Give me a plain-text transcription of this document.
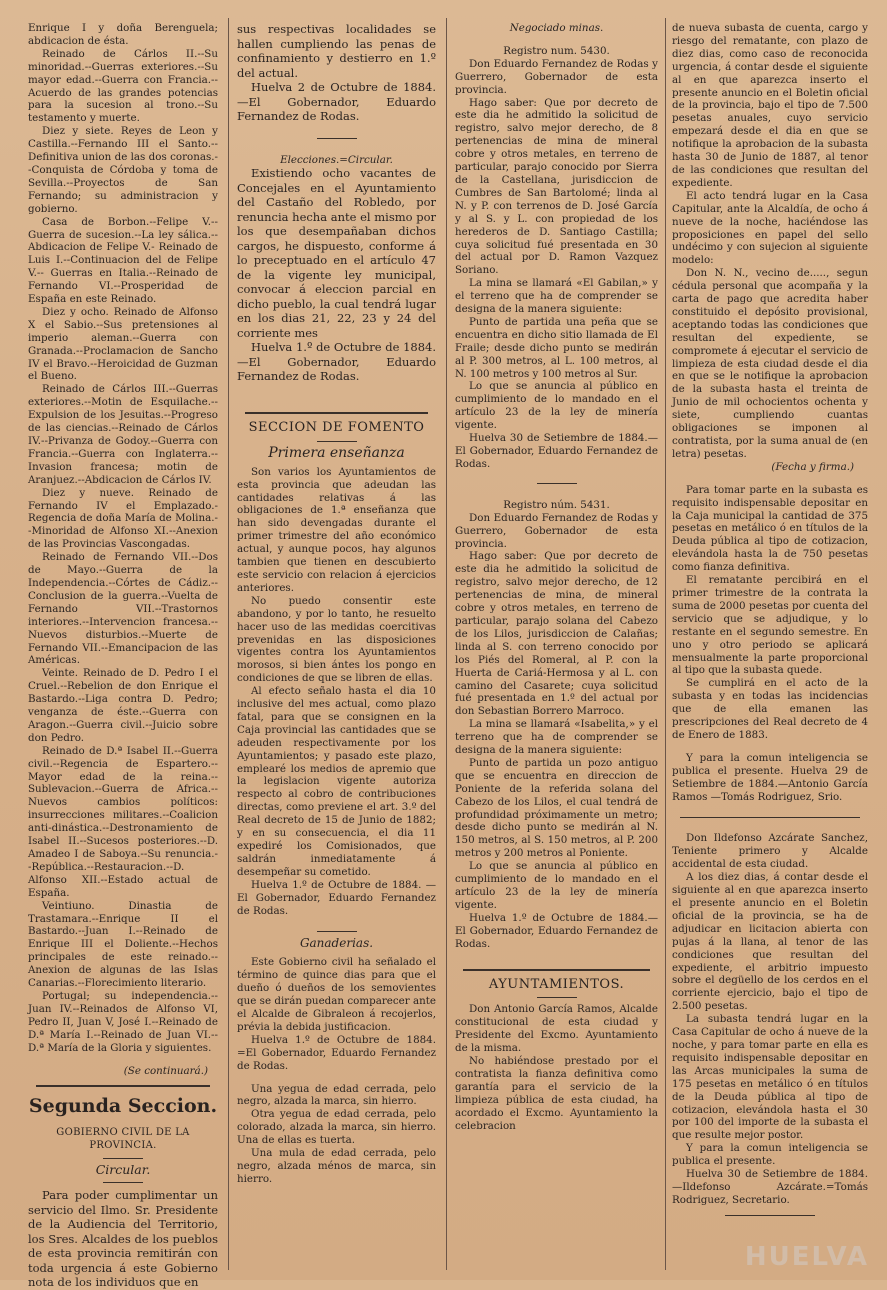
Enrique I y doña Berenguela; abdicacion de ésta.

Reinado de Cárlos II.--Su minoridad.--Guerras exteriores.--Su mayor edad.--Guerra con Francia.--Acuerdo de las grandes potencias para la sucesion al trono.--Su testamento y muerte.

Diez y siete. Reyes de Leon y Castilla.--Fernando III el Santo.--Definitiva union de las dos coronas.--Conquista de Córdoba y toma de Sevilla.--Proyectos de San Fernando; su administracion y gobierno.

Casa de Borbon.--Felipe V.--Guerra de sucesion.--La ley sálica.--Abdicacion de Felipe V.- Reinado de Luis I.--Continuacion del de Felipe V.-- Guerras en Italia.--Reinado de Fernando VI.--Prosperidad de España en este Reinado.

Diez y ocho. Reinado de Alfonso X el Sabio.--Sus pretensiones al imperio aleman.--Guerra con Granada.--Proclamacion de Sancho IV el Bravo.--Heroicidad de Guzman el Bueno.

Reinado de Cárlos III.--Guerras exteriores.--Motin de Esquilache.--Expulsion de los Jesuitas.--Progreso de las ciencias.--Reinado de Cárlos IV.--Privanza de Godoy.--Guerra con Francia.--Guerra con Inglaterra.--Invasion francesa; motin de Aranjuez.--Abdicacion de Cárlos IV.

Diez y nueve. Reinado de Fernando IV el Emplazado.-Regencia de doña María de Molina.--Minoridad de Alfonso XI.--Anexion de las Provincias Vascongadas.

Reinado de Fernando VII.--Dos de Mayo.--Guerra de la Independencia.--Córtes de Cádiz.--Conclusion de la guerra.--Vuelta de Fernando VII.--Trastornos interiores.--Intervencion francesa.--Nuevos disturbios.--Muerte de Fernando VII.--Emancipacion de las Américas.

Veinte. Reinado de D. Pedro I el Cruel.--Rebelion de don Enrique el Bastardo.--Liga contra D. Pedro; venganza de éste.--Guerra con Aragon.--Guerra civil.--Juicio sobre don Pedro.

Reinado de D.ª Isabel II.--Guerra civil.--Regencia de Espartero.--Mayor edad de la reina.--Sublevacion.--Guerra de Africa.--Nuevos cambios políticos: insurrecciones militares.--Coalicion anti-dinástica.--Destronamiento de Isabel II.--Sucesos posteriores.--D. Amadeo I de Saboya.--Su renuncia.--República.--Restauracion.--D. Alfonso XII.--Estado actual de España.

Veintiuno. Dinastia de Trastamara.--Enrique II el Bastardo.--Juan I.--Reinado de Enrique III el Doliente.--Hechos principales de este reinado.--Anexion de algunas de las Islas Canarias.--Florecimiento literario.

Portugal; su independencia.--Juan IV.--Reinados de Alfonso VI, Pedro II, Juan V, José I.--Reinado de D.ª María I.--Reinado de Juan VI.--D.ª María de la Gloria y siguientes.

(Se continuará.)

Segunda Seccion.
GOBIERNO CIVIL DE LA PROVINCIA.
Circular.

Para poder cumplimentar un servicio del Ilmo. Sr. Presidente de la Audiencia del Territorio, los Sres. Alcaldes de los pueblos de esta provincia remitirán con toda urgencia á este Gobierno nota de los individuos que en

sus respectivas localidades se hallen cumpliendo las penas de confinamiento y destierro en 1.º del actual.

Huelva 2 de Octubre de 1884. —El Gobernador, Eduardo Fernandez de Rodas.

Elecciones.=Circular.

Existiendo ocho vacantes de Concejales en el Ayuntamiento del Castaño del Robledo, por renuncia hecha ante el mismo por los que desempañaban dichos cargos, he dispuesto, conforme á lo preceptuado en el artículo 47 de la vigente ley municipal, convocar á eleccion parcial en dicho pueblo, la cual tendrá lugar en los dias 21, 22, 23 y 24 del corriente mes

Huelva 1.º de Octubre de 1884. —El Gobernador, Eduardo Fernandez de Rodas.

SECCION DE FOMENTO
Primera enseñanza

Son varios los Ayuntamientos de esta provincia que adeudan las cantidades relativas á las obligaciones de 1.ª enseñanza que han sido devengadas durante el primer trimestre del año económico actual, y aunque pocos, hay algunos tambien que tienen en descubierto este servicio con relacion á ejercicios anteriores.

No puedo consentir este abandono, y por lo tanto, he resuelto hacer uso de las medidas coercitivas prevenidas en las disposiciones vigentes contra los Ayuntamientos morosos, si bien ántes los pongo en condiciones de que se libren de ellas.

Al efecto señalo hasta el dia 10 inclusive del mes actual, como plazo fatal, para que se consignen en la Caja provincial las cantidades que se adeuden respectivamente por los Ayuntamientos; y pasado este plazo, emplearé los medios de apremio que la legislacion vigente autoriza respecto al cobro de contribuciones directas, como previene el art. 3.º del Real decreto de 15 de Junio de 1882; y en su consecuencia, el dia 11 expediré los Comisionados, que saldrán inmediatamente á desempeñar su cometido.

Huelva 1.º de Octubre de 1884. —El Gobernador, Eduardo Fernandez de Rodas.

Ganaderias.

Este Gobierno civil ha señalado el término de quince dias para que el dueño ó dueños de los semovientes que se dirán puedan comparecer ante el Alcalde de Gibraleon á recojerlos, prévia la debida justificacion.

Huelva 1.º de Octubre de 1884. =El Gobernador, Eduardo Fernandez de Rodas.

Una yegua de edad cerrada, pelo negro, alzada la marca, sin hierro.

Otra yegua de edad cerrada, pelo colorado, alzada la marca, sin hierro. Una de ellas es tuerta.

Una mula de edad cerrada, pelo negro, alzada ménos de marca, sin hierro.

Negociado minas.
Registro num. 5430.

Don Eduardo Fernandez de Rodas y Guerrero, Gobernador de esta provincia.

Hago saber: Que por decreto de este dia he admitido la solicitud de registro, salvo mejor derecho, de 8 pertenencias de mina de mineral cobre y otros metales, en terreno de particular, parajo conocido por Sierra de la Castellana, jurisdiccion de Cumbres de San Bartolomé; linda al N. y P. con terrenos de D. José García y al S. y L. con propiedad de los herederos de D. Santiago Castilla; cuya solicitud fué presentada en 30 del actual por D. Ramon Vazquez Soriano.

La mina se llamará «El Gabilan,» y el terreno que ha de comprender se designa de la manera siguiente:

Punto de partida una peña que se encuentra en dicho sitio llamada de El Fraile; desde dicho punto se medirán al P. 300 metros, al L. 100 metros, al N. 100 metros y 100 metros al Sur.

Lo que se anuncia al público en cumplimiento de lo mandado en el artículo 23 de la ley de minería vigente.

Huelva 30 de Setiembre de 1884.— El Gobernador, Eduardo Fernandez de Rodas.

Registro núm. 5431.

Don Eduardo Fernandez de Rodas y Guerrero, Gobernador de esta provincia.

Hago saber: Que por decreto de este dia he admitido la solicitud de registro, salvo mejor derecho, de 12 pertenencias de mina, de mineral cobre y otros metales, en terreno de particular, parajo solana del Cabezo de los Lilos, jurisdiccion de Calañas; linda al S. con terreno conocido por los Piés del Romeral, al P. con la Huerta de Cariá-Hermosa y al L. con camino del Casarete; cuya solicitud fué presentada en 1.º del actual por don Sebastian Borrero Marroco.

La mina se llamará «Isabelita,» y el terreno que ha de comprender se designa de la manera siguiente:

Punto de partida un pozo antiguo que se encuentra en direccion de Poniente de la referida solana del Cabezo de los Lilos, el cual tendrá de profundidad próximamente un metro; desde dicho punto se medirán al N. 150 metros, al S. 150 metros, al P. 200 metros y 200 metros al Poniente.

Lo que se anuncia al público en cumplimiento de lo mandado en el artículo 23 de la ley de minería vigente.

Huelva 1.º de Octubre de 1884.— El Gobernador, Eduardo Fernandez de Rodas.

AYUNTAMIENTOS.

Don Antonio García Ramos, Alcalde constitucional de esta ciudad y Presidente del Excmo. Ayuntamiento de la misma.

No habiéndose prestado por el contratista la fianza definitiva como garantía para el servicio de la limpieza pública de esta ciudad, ha acordado el Excmo. Ayuntamiento la celebracion

de nueva subasta de cuenta, cargo y riesgo del rematante, con plazo de diez dias, como caso de reconocida urgencia, á contar desde el siguiente al en que aparezca inserto el presente anuncio en el Boletin oficial de la provincia, bajo el tipo de 7.500 pesetas anuales, cuyo servicio empezará desde el dia en que se notifique la aprobacion de la subasta hasta 30 de Junio de 1887, al tenor de las condiciones que resultan del expediente.

El acto tendrá lugar en la Casa Capitular, ante la Alcaldía, de ocho á nueve de la noche, haciéndose las proposiciones en papel del sello undécimo y con sujecion al siguiente modelo:

Don N. N., vecino de....., segun cédula personal que acompaña y la carta de pago que acredita haber constituido el depósito provisional, aceptando todas las condiciones que resultan del expediente, se compromete á ejecutar el servicio de limpieza de esta ciudad desde el dia en que se le notifique la aprobacion de la subasta hasta el treinta de Junio de mil ochocientos ochenta y siete, cumpliendo cuantas obligaciones se imponen al contratista, por la suma anual de (en letra) pesetas.

(Fecha y firma.)

Para tomar parte en la subasta es requisito indispensable depositar en la Caja municipal la cantidad de 375 pesetas en metálico ó en títulos de la Deuda pública al tipo de cotizacion, elevándola hasta la de 750 pesetas como fianza definitiva.

El rematante percibirá en el primer trimestre de la contrata la suma de 2000 pesetas por cuenta del servicio que se adjudique, y lo restante en el segundo semestre. En uno y otro periodo se aplicará mensualmente la parte proporcional al tipo que la subasta quede.

Se cumplirá en el acto de la subasta y en todas las incidencias que de ella emanen las prescripciones del Real decreto de 4 de Enero de 1883.

Y para la comun inteligencia se publica el presente. Huelva 29 de Setiembre de 1884.—Antonio García Ramos —Tomás Rodriguez, Srio.

Don Ildefonso Azcárate Sanchez, Teniente primero y Alcalde accidental de esta ciudad.

A los diez dias, á contar desde el siguiente al en que aparezca inserto el presente anuncio en el Boletin oficial de la provincia, se ha de adjudicar en licitacion abierta con pujas á la llana, al tenor de las condiciones que resultan del expediente, el arbitrio impuesto sobre el degüello de los cerdos en el corriente ejercicio, bajo el tipo de 2.500 pesetas.

La subasta tendrá lugar en la Casa Capitular de ocho á nueve de la noche, y para tomar parte en ella es requisito indispensable depositar en las Arcas municipales la suma de 175 pesetas en metálico ó en títulos de la Deuda pública al tipo de cotizacion, elevándola hasta el 30 por 100 del importe de la subasta el que resulte mejor postor.

Y para la comun inteligencia se publica el presente.

Huelva 30 de Setiembre de 1884. —Ildefonso Azcárate.=Tomás Rodriguez, Secretario.

HUELVA
